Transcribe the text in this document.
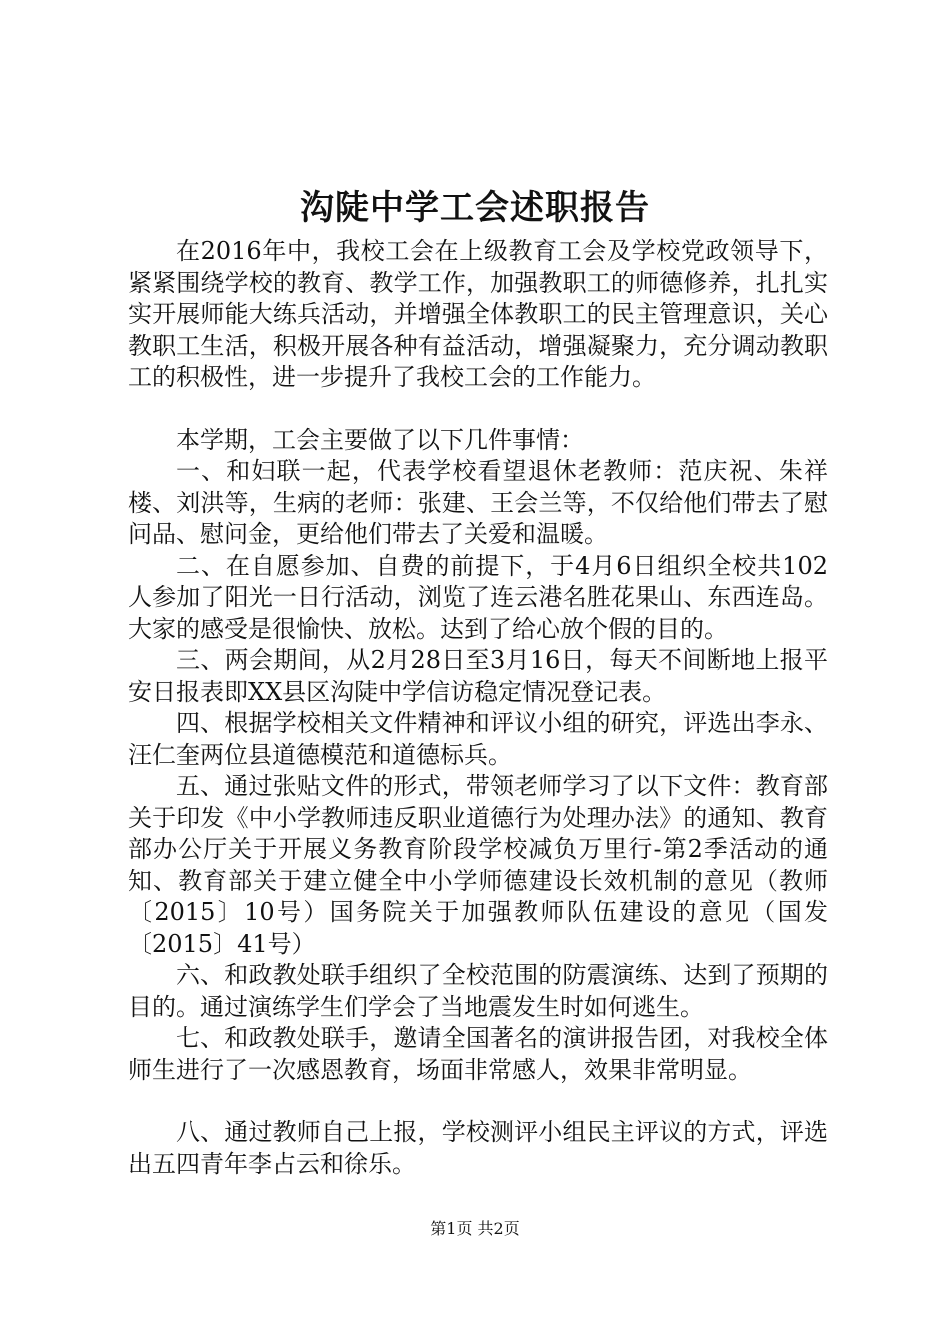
沟陡中学工会述职报告

在2016年中，我校工会在上级教育工会及学校党政领导下，紧紧围绕学校的教育、教学工作，加强教职工的师德修养，扎扎实实开展师能大练兵活动，并增强全体教职工的民主管理意识，关心教职工生活，积极开展各种有益活动，增强凝聚力，充分调动教职工的积极性，进一步提升了我校工会的工作能力。

本学期，工会主要做了以下几件事情：

一、和妇联一起，代表学校看望退休老教师：范庆祝、朱祥楼、刘洪等，生病的老师：张建、王会兰等，不仅给他们带去了慰问品、慰问金，更给他们带去了关爱和温暖。

二、在自愿参加、自费的前提下，于4月6日组织全校共102人参加了阳光一日行活动，浏览了连云港名胜花果山、东西连岛。大家的感受是很愉快、放松。达到了给心放个假的目的。

三、两会期间，从2月28日至3月16日，每天不间断地上报平安日报表即XX县区沟陡中学信访稳定情况登记表。

四、根据学校相关文件精神和评议小组的研究，评选出李永、汪仁奎两位县道德模范和道德标兵。

五、通过张贴文件的形式，带领老师学习了以下文件：教育部关于印发《中小学教师违反职业道德行为处理办法》的通知、教育部办公厅关于开展义务教育阶段学校减负万里行-第2季活动的通知、教育部关于建立健全中小学师德建设长效机制的意见（教师〔2015〕10号）国务院关于加强教师队伍建设的意见（国发〔2015〕41号）

六、和政教处联手组织了全校范围的防震演练、达到了预期的目的。通过演练学生们学会了当地震发生时如何逃生。

七、和政教处联手，邀请全国著名的演讲报告团，对我校全体师生进行了一次感恩教育，场面非常感人，效果非常明显。

八、通过教师自己上报，学校测评小组民主评议的方式，评选出五四青年李占云和徐乐。

第1页 共2页
